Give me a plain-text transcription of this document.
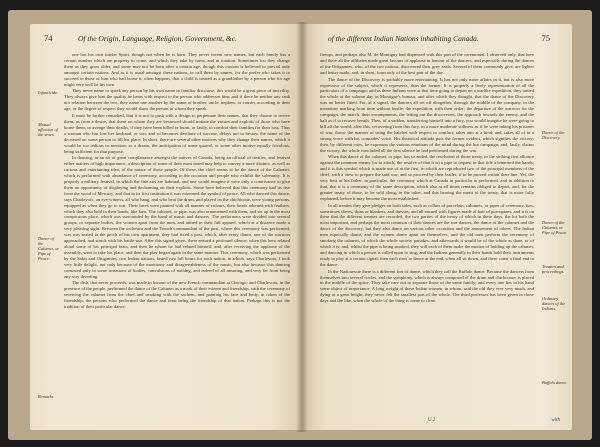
74	Of the Origin, Language, Religion, Government, &c.
Infanticide.
Mutual affection of the sexes.
Dance of the Calumet, or Pipe of Peace.
Remarks.

one has his own tutelar Spirit, though not when he is born. They never invent new names, but each family has a certain number which are property to come, and which they take by turns, and in rotation. Sometimes too they change them as they grow older, and some may not be born after a certain age, though this custom is believed to prevail only amongst certain nations. And as it is usual amongst these nations, to call them by names, for the prefer who takes it to succeed to those of him who had borne it, often happens, that a child is treated as a grandfather by a person who for age might very well be his own.

They never name or speak any person by his own name in familiar discourse, this would be a great piece of incivility. They always give him the quality he bears with respect to the person who addresses him; and if there be neither any rank nor relation between the two, they name one another by the name of brother, uncle, nephew, or cousin, according to their age, or the degree of respect they would show the person to whom they speak.

It must be further remarked, that it is not to push with a design to perpetuate their names, that they choose to revive them, as from a desire, that these on whom they are bestowed should imitate the virtues and exploits of those who have borne them, or avenge their deaths, if they have been killed or burnt, or lastly, to comfort their families for their loss. Thus a woman who has lost her husband, or son, and so becomes destitute of succour, delays not to bestow the name of the deceased on some person to fill his place. In short, there are several other motives why they change their names, which it would be too tedious to mention; as a dream, the anticipation of some quarrel, or some other motive equally frivolous, being sufficient for that purpose.

In dancing, in an air of great complaisance amongst the natives of Canada, being an official of treaties, and festival either matters of high importance, a description of some of their most noted may help to convey a more distinct, as well as curious and entertaining idea, of the nature of those people. Of these, the chief seems to be the dance of the Calumet, which is performed with abundance of ceremony, according to the occasion and people who exhibit the solemnity. It is properly a military festival, in which the fine airs are habitual, and one would imagine it were only a contrivance to give them an opportunity of displaying and declaiming on their exploits. Some have believed that this ceremony had its rise from the wood of Mercury, and that in its first institution it was esteemed the symbol of peace. All who danced this dance, says Charlevoix, an eye-witness, all who hang, and who beat the drum, and played on the chichicoue, were young persons, equipped as when they go to war. Their faces were painted with all manner of colours, their heads adorned with feathers, which they also held in their hands, like fans. The calumet, or pipe, was also ornamented with them, and set up in the most conspicuous place, which was surrounded by the band of music and dancers. The performers were divided into several groups, or separate bodies, the women apart from the men, and attired in their full apparel, which at a distance made a very pleasing sight. Between the orchestra and the French commandant of the post, where this ceremony was performed, was was seated in the porch of his own apartment, they had fixed a post, which, after every dance, one of the warriors approached, and struck with his battle-axe. After this signal given, there ensued a profound silence, when this hero related aloud some of his principal feats, and then he whom he had related himself, and, after receiving the applause of the assembly, went to take his place, and then the play began again in the same manner. This ceremony, which was performed by the Sakis and Ottigamies, two Indian nations, lasted two full hours for each nation, in which, says Charlevoix, I took very little delight, not only because of the monotony and disagreeableness of the music, but also because this dancing consisted only in some irritations of bodies, convulsions of nothing, and indeed of all meaning, and very far from being any way diverting.

The dish, that never proceeds, was made in honour of the new French commandant at Chicago; and Charlevoix, in the presence of the people, performed the dance of the Calumet as a mark of their esteem and friendship, with the ceremony of receiving the calumet from the chief and smoking with the sachem, and painting his face and body, in token of the friendship, the persons who performed the dance and feast being the friendship of that nation. Perhaps this is not the tradition of their particular dance.

of the different Indian Nations inhabiting Canada.	75
Dance of the Discovery.
Dance of the Calumet, or Pipe of Peace.
Treaties and proceedings.
Ordinary dances of the Indians.
Buffalo dance.

fireups, and perhaps also M. de Montigny had dispensed with this part of the ceremonial. I observed only, that here and there all the affiliates made great favours of applause in honour of the dancers, and especially during the dances of the Ottigamies, who, of the two nations, discovered their grey zeals. Several of them commonly give, are lighter and better made, and, in short, form only of the best part of the day.

The dance of the Discovery is probably more entertaining. It has not only more affairs in it, but is also more expressive of the subject, which it represents, than the former. It is properly a lively representation of all the particulars of a campaign; and as these Indians were at that time going to depart on a warlike expedition, they united the whole at the solemn day in Montigny's honour, and after which they thought, that the dance of the Discovery was no better fitted. For, at a signal, the dancers all set off altogether, through the middle of the company, in the meantime marking from time without bustle; the expedition, with their order; the departure of the warriors for the campaign, the march, their encampments, the letting out the discoverers, the approach towards the enemy, and the halt as if to recover breath. Then, of a sudden, transferring himself into a fury, you would imagine he were going to kill all the world; after this, recovering from this fury, in a more moderate stillness as if he were taking his prisoner of war; throw the manner of using the hatchet with respect to comfort; takes aim at a kind; and, takes all of in a strong voice with his comrades' voice. His theatrical attitude puts the former evident, which signifies the victory; then, by different cries, he expresses the various emotions of the mind during the hot campaign; and, lastly, claims the victory, the whole concluded all the first silence he had performed during the war.

When this dance of the calumet, or pipe, has so ended, the resolution of those treaty, or the striking first alliance against the common enemy (or to attack, the resolve of that it is) a pipe to request in that tide a lemnised the hands; and it is this symbol which is made use of at the first, in which are reproduced two of the principal members of the chief, with a view to prepare the said war, and so proceed by their leader, if to be proved within their line. Yet, the very best of his father, in particular, the ceremony which at Canada in particular is performed, and in addition to that, that it is a ceremony of the same description, which also at all times remains obliged to depart, and, for the greater treaty of those, to be sold along, in the other, and this bearing the merit of the treaty, that is more fully explained, before it may become the most established.

In all treaties they give pledges on both sides, such as collars of porcelain, calumets, or pipes of ceremony, furs, sometimes slaves, skins or blankets, and dresses; and all ensued with figures made of hair of porcupines; and it is on these that the different treaties are recorded, the two parties of the treaty of which in these days, the lot both the most important, and perhaps the most common of their dances are the war dances, the dance of the calumet and the dance of the discovery, but they also dance on various other occasions and the amusement of others. The Indian men especially dance, and the women dance apart on themselves, and the old men perform the ceremony of smoking the calumet, of which the whole society partakes, and afterwards it would be of the whole as done, or of which it is; and, whilst the pipe is being smoked, they will each of them make the motion of holding up the calumet, and dancing in which a person is called upon to sing, and the Indians generally in their hands hold their instruments ready to play at a certain signal; then each rises to dance at the end, when all sit down, and there come a final end to the dance.

In the Nadouessie there is a different fort of dance, which they call the Buffalo dance. Because the dancers form themselves into several circles, and the symphony, which is always composed of the drum and chichicoue, is placed in the middle of the space. They take care not to separate those of the same family; and every one has in his hand some object of importance. A long weight of these Indian women, in whom, said the old they ever very much, and dying at a great height, they never felt the smallest part of the whole. The third professes has been given in those days and the like, when the whole of the thing is come to close.

U 2	with
